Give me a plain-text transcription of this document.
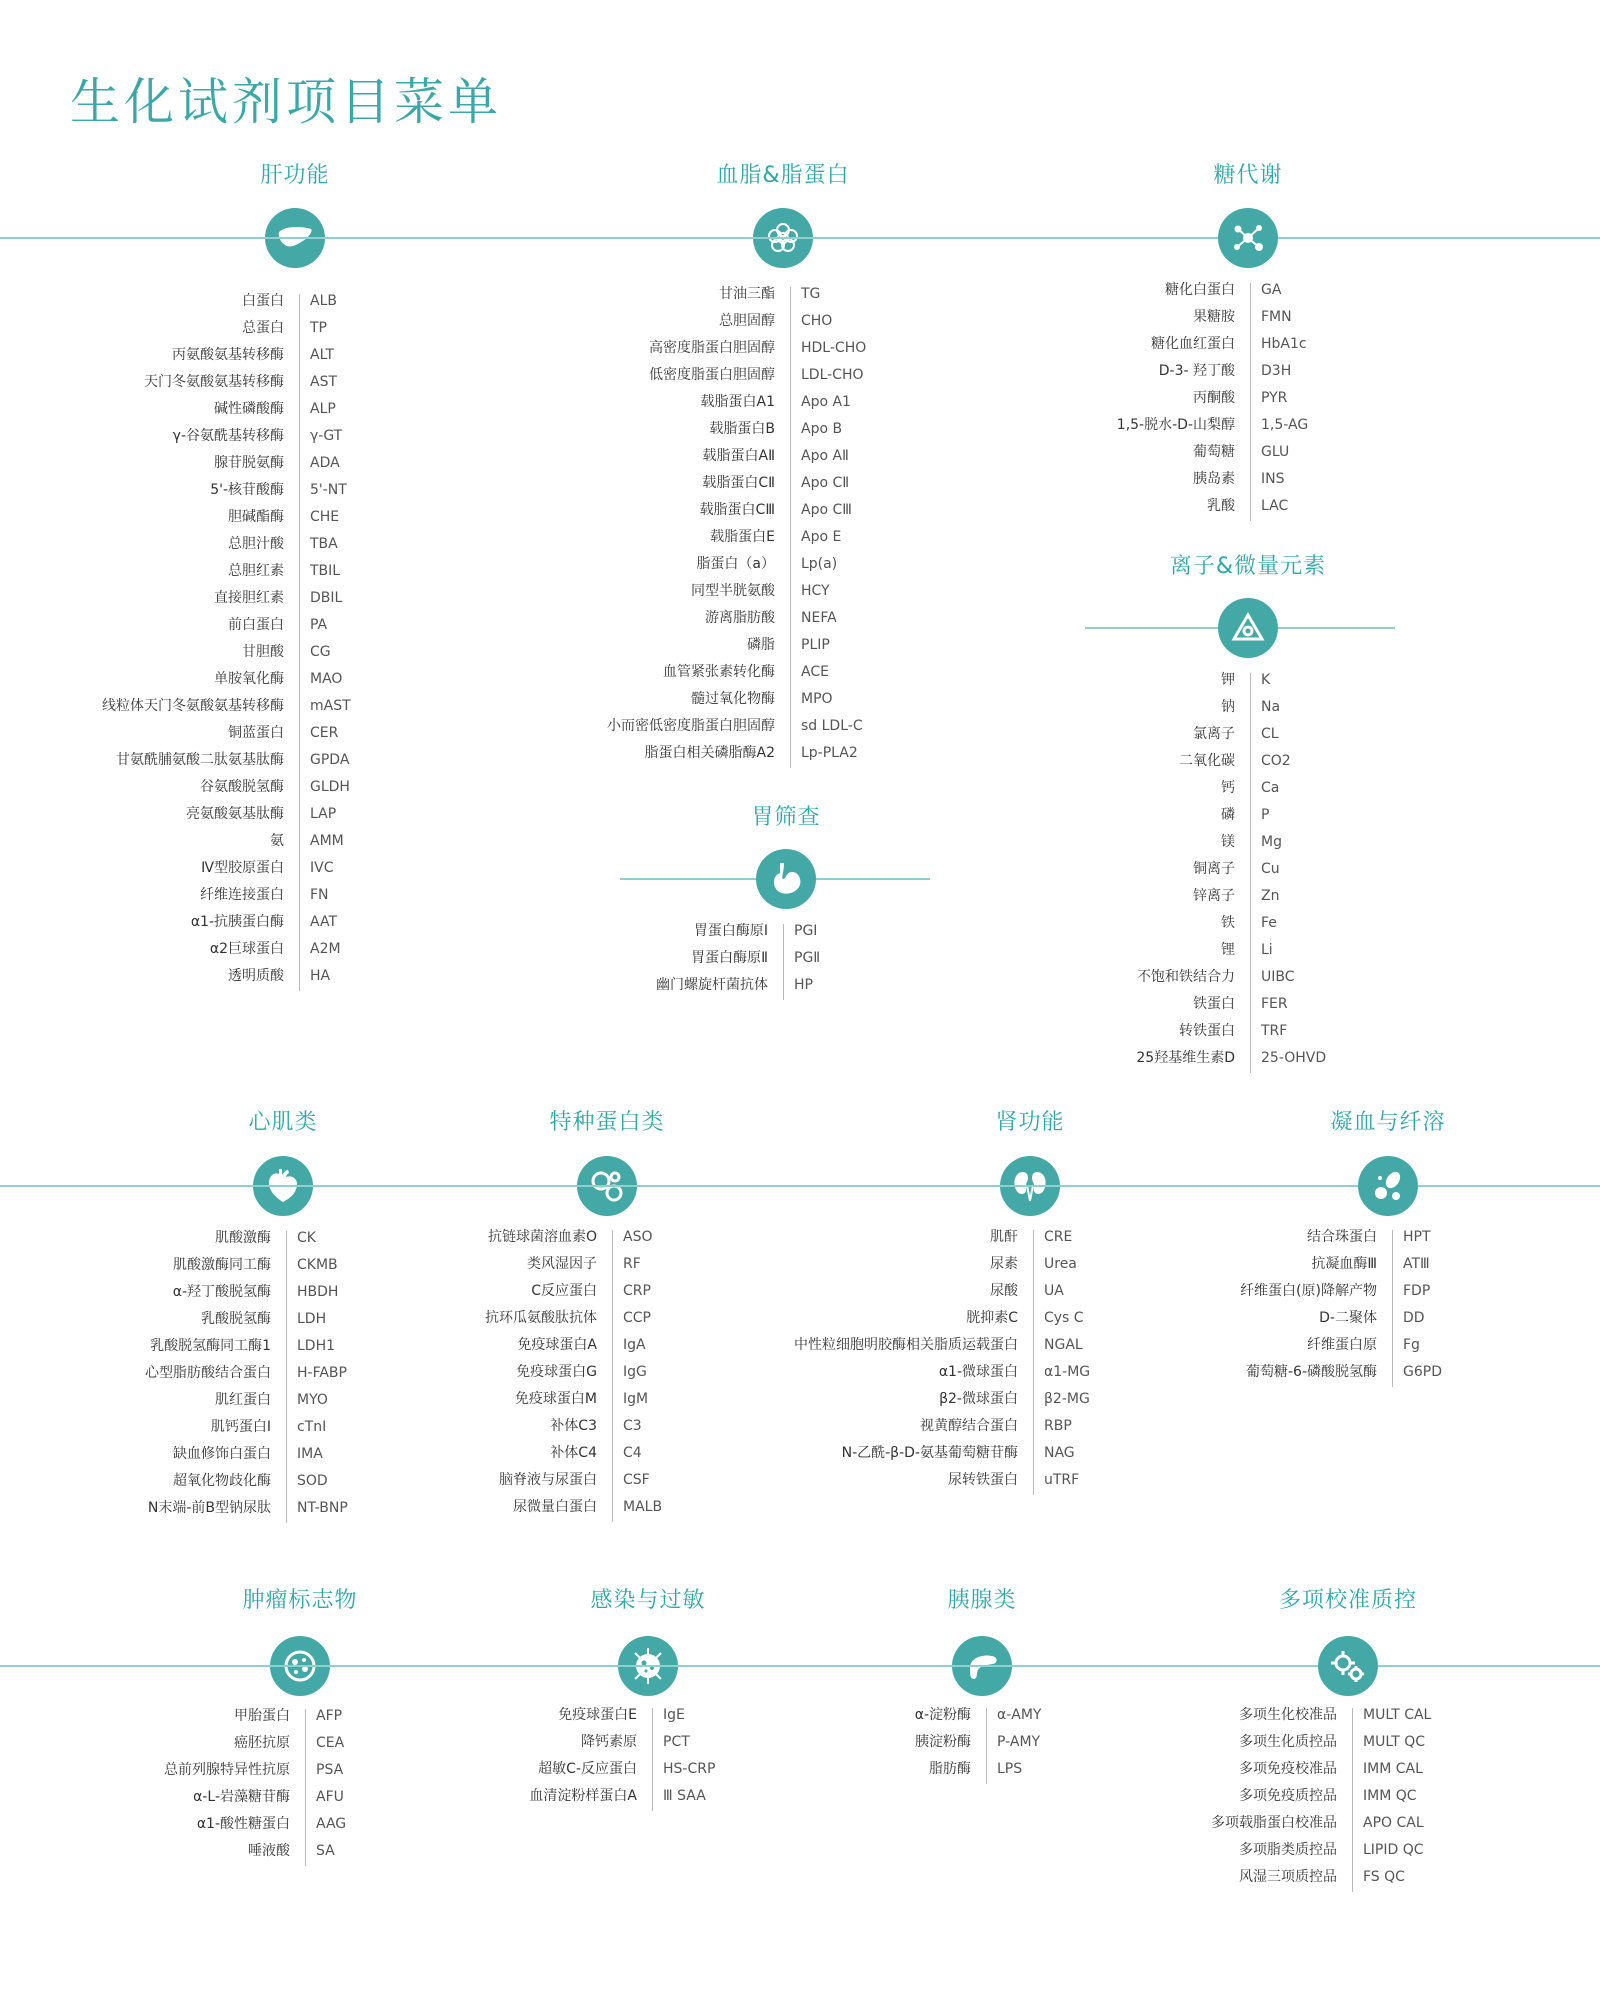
生化试剂项目菜单
肝功能
白蛋白 ALB
总蛋白 TP
丙氨酸氨基转移酶 ALT
天门冬氨酸氨基转移酶 AST
碱性磷酸酶 ALP
γ-谷氨酰基转移酶 γ-GT
腺苷脱氨酶 ADA
5'-核苷酸酶 5'-NT
胆碱酯酶 CHE
总胆汁酸 TBA
总胆红素 TBIL
直接胆红素 DBIL
前白蛋白 PA
甘胆酸 CG
单胺氧化酶 MAO
线粒体天门冬氨酸氨基转移酶 mAST
铜蓝蛋白 CER
甘氨酰脯氨酸二肽氨基肽酶 GPDA
谷氨酸脱氢酶 GLDH
亮氨酸氨基肽酶 LAP
氨 AMM
Ⅳ型胶原蛋白 IVC
纤维连接蛋白 FN
α1-抗胰蛋白酶 AAT
α2巨球蛋白 A2M
透明质酸 HA
血脂&脂蛋白
甘油三酯 TG
总胆固醇 CHO
高密度脂蛋白胆固醇 HDL-CHO
低密度脂蛋白胆固醇 LDL-CHO
载脂蛋白A1 Apo A1
载脂蛋白B Apo B
载脂蛋白AⅡ Apo AⅡ
载脂蛋白CⅡ Apo CⅡ
载脂蛋白CⅢ Apo CⅢ
载脂蛋白E Apo E
脂蛋白（a） Lp(a)
同型半胱氨酸 HCY
游离脂肪酸 NEFA
磷脂 PLIP
血管紧张素转化酶 ACE
髓过氧化物酶 MPO
小而密低密度脂蛋白胆固醇 sd LDL-C
脂蛋白相关磷脂酶A2 Lp-PLA2
糖代谢
糖化白蛋白 GA
果糖胺 FMN
糖化血红蛋白 HbA1c
D-3- 羟丁酸 D3H
丙酮酸 PYR
1,5-脱水-D-山梨醇 1,5-AG
葡萄糖 GLU
胰岛素 INS
乳酸 LAC
离子&微量元素
钾 K
钠 Na
氯离子 CL
二氧化碳 CO2
钙 Ca
磷 P
镁 Mg
铜离子 Cu
锌离子 Zn
铁 Fe
锂 Li
不饱和铁结合力 UIBC
铁蛋白 FER
转铁蛋白 TRF
25羟基维生素D 25-OHVD
胃筛查
胃蛋白酶原Ⅰ PGⅠ
胃蛋白酶原Ⅱ PGⅡ
幽门螺旋杆菌抗体 HP
心肌类
肌酸激酶 CK
肌酸激酶同工酶 CKMB
α-羟丁酸脱氢酶 HBDH
乳酸脱氢酶 LDH
乳酸脱氢酶同工酶1 LDH1
心型脂肪酸结合蛋白 H-FABP
肌红蛋白 MYO
肌钙蛋白I cTnI
缺血修饰白蛋白 IMA
超氧化物歧化酶 SOD
N末端-前B型钠尿肽 NT-BNP
特种蛋白类
抗链球菌溶血素O ASO
类风湿因子 RF
C反应蛋白 CRP
抗环瓜氨酸肽抗体 CCP
免疫球蛋白A IgA
免疫球蛋白G IgG
免疫球蛋白M IgM
补体C3 C3
补体C4 C4
脑脊液与尿蛋白 CSF
尿微量白蛋白 MALB
肾功能
肌酐 CRE
尿素 Urea
尿酸 UA
胱抑素C Cys C
中性粒细胞明胶酶相关脂质运载蛋白 NGAL
α1-微球蛋白 α1-MG
β2-微球蛋白 β2-MG
视黄醇结合蛋白 RBP
N-乙酰-β-D-氨基葡萄糖苷酶 NAG
尿转铁蛋白 uTRF
凝血与纤溶
结合珠蛋白 HPT
抗凝血酶Ⅲ ATⅢ
纤维蛋白(原)降解产物 FDP
D-二聚体 DD
纤维蛋白原 Fg
葡萄糖-6-磷酸脱氢酶 G6PD
肿瘤标志物
甲胎蛋白 AFP
癌胚抗原 CEA
总前列腺特异性抗原 PSA
α-L-岩藻糖苷酶 AFU
α1-酸性糖蛋白 AAG
唾液酸 SA
感染与过敏
免疫球蛋白E IgE
降钙素原 PCT
超敏C-反应蛋白 HS-CRP
血清淀粉样蛋白A Ⅲ SAA
胰腺类
α-淀粉酶 α-AMY
胰淀粉酶 P-AMY
脂肪酶 LPS
多项校准质控
多项生化校准品 MULT CAL
多项生化质控品 MULT QC
多项免疫校准品 IMM CAL
多项免疫质控品 IMM QC
多项载脂蛋白校准品 APO CAL
多项脂类质控品 LIPID QC
风湿三项质控品 FS QC
